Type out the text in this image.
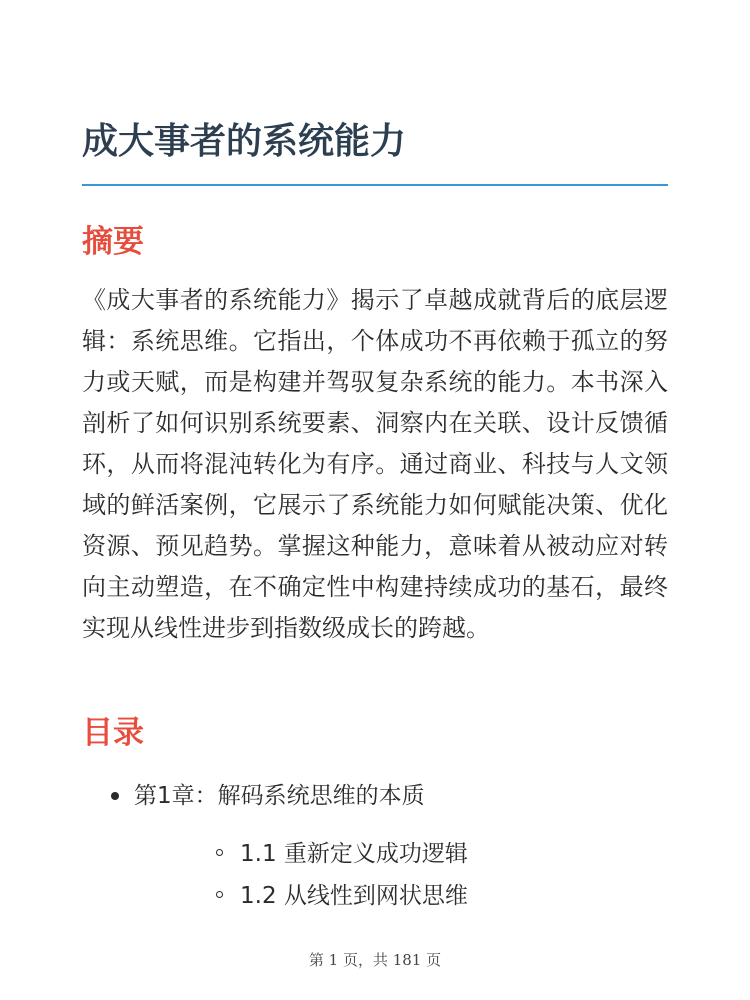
成大事者的系统能力
摘要

《成大事者的系统能力》揭示了卓越成就背后的底层逻辑：系统思维。它指出，个体成功不再依赖于孤立的努力或天赋，而是构建并驾驭复杂系统的能力。本书深入剖析了如何识别系统要素、洞察内在关联、设计反馈循环，从而将混沌转化为有序。通过商业、科技与人文领域的鲜活案例，它展示了系统能力如何赋能决策、优化资源、预见趋势。掌握这种能力，意味着从被动应对转向主动塑造，在不确定性中构建持续成功的基石，最终实现从线性进步到指数级成长的跨越。

目录
第1章：解码系统思维的本质
1.1 重新定义成功逻辑
1.2 从线性到网状思维
第 1 页，共 181 页
